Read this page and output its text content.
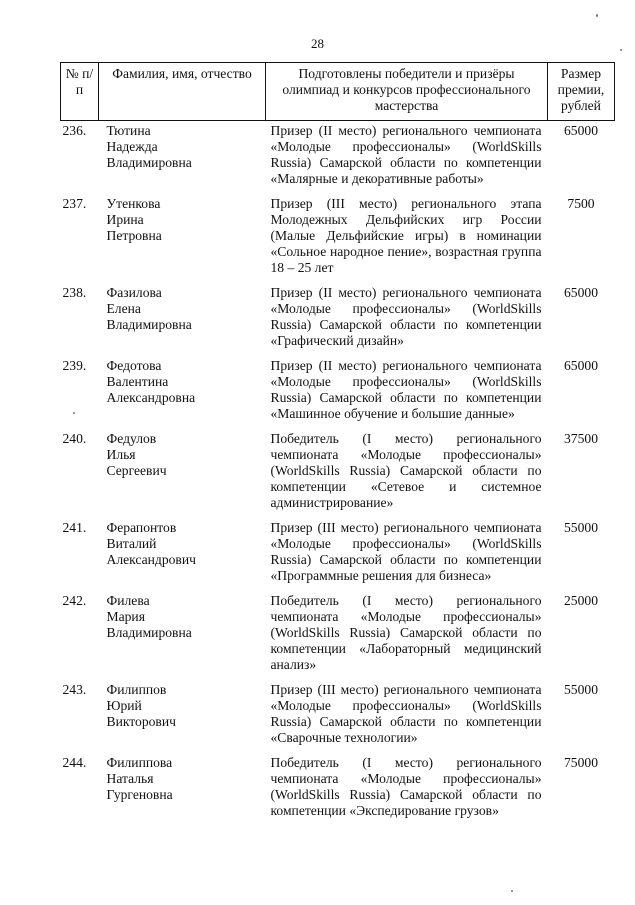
28
№ п/п	Фамилия, имя, отчество	Подготовлены победители и призёры олимпиад и конкурсов профессионального мастерства	Размер премии, рублей
236.	Тютина
Надежда
Владимировна	Призер (II место) регионального чемпионата «Молодые профессионалы» (WorldSkills Russia) Самарской области по компетенции «Малярные и декоративные работы»	65000
237.	Утенкова
Ирина
Петровна	Призер (III место) регионального этапа Молодежных Дельфийских игр России (Малые Дельфийские игры) в номинации «Сольное народное пение», возрастная группа 18 – 25 лет	7500
238.	Фазилова
Елена
Владимировна	Призер (II место) регионального чемпионата «Молодые профессионалы» (WorldSkills Russia) Самарской области по компетенции «Графический дизайн»	65000
239.	Федотова
Валентина
Александровна	Призер (II место) регионального чемпионата «Молодые профессионалы» (WorldSkills Russia) Самарской области по компетенции «Машинное обучение и большие данные»	65000
240.	Федулов
Илья
Сергеевич	Победитель (I место) регионального чемпионата «Молодые профессионалы» (WorldSkills Russia) Самарской области по компетенции «Сетевое и системное администрирование»	37500
241.	Ферапонтов
Виталий
Александрович	Призер (III место) регионального чемпионата «Молодые профессионалы» (WorldSkills Russia) Самарской области по компетенции «Программные решения для бизнеса»	55000
242.	Филева
Мария
Владимировна	Победитель (I место) регионального чемпионата «Молодые профессионалы» (WorldSkills Russia) Самарской области по компетенции «Лабораторный медицинский анализ»	25000
243.	Филиппов
Юрий
Викторович	Призер (III место) регионального чемпионата «Молодые профессионалы» (WorldSkills Russia) Самарской области по компетенции «Сварочные технологии»	55000
244.	Филиппова
Наталья
Гургеновна	Победитель (I место) регионального чемпионата «Молодые профессионалы» (WorldSkills Russia) Самарской области по компетенции «Экспедирование грузов»	75000
